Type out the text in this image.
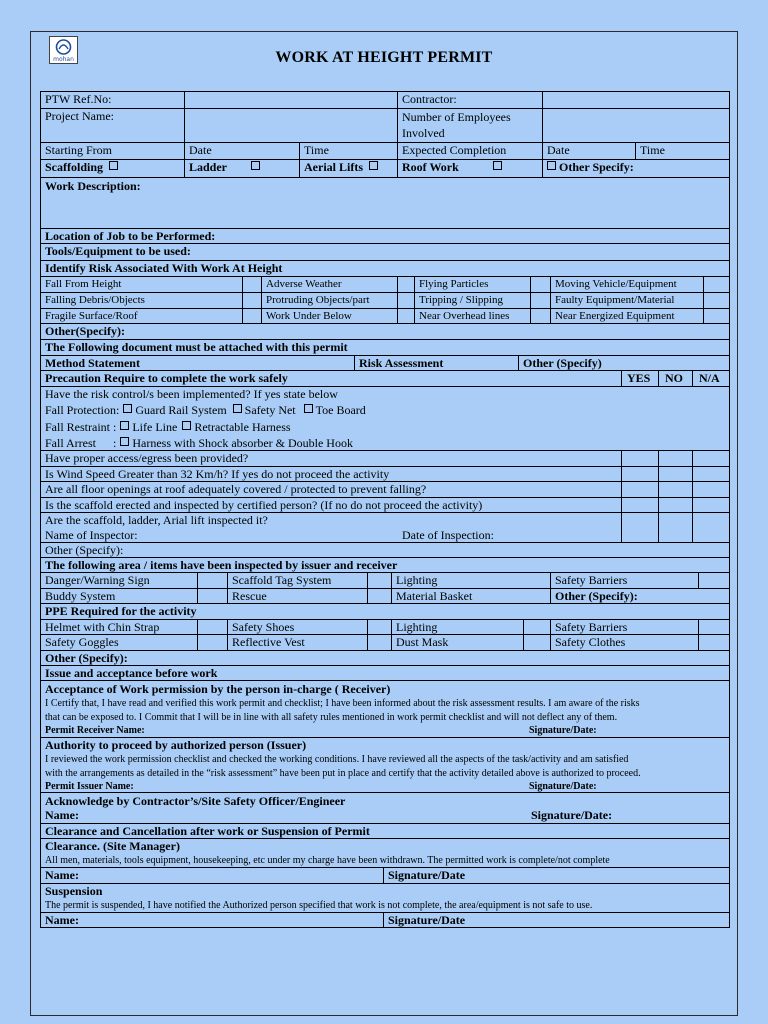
mohan	WORK AT HEIGHT PERMIT
PTW Ref.No:	Contractor:
Project Name:	Number of Employees Involved
Starting From	Date	Time	Expected Completion	Date	Time
Scaffolding	Ladder	Aerial Lifts	Roof Work	Other Specify:
Work Description:
Location of Job to be Performed:
Tools/Equipment to be used:
Identify Risk Associated With Work At Height
Fall From Height	Adverse Weather	Flying Particles	Moving Vehicle/Equipment
Falling Debris/Objects	Protruding Objects/part	Tripping / Slipping	Faulty Equipment/Material
Fragile Surface/Roof	Work Under Below	Near Overhead lines	Near Energized Equipment
Other(Specify):
The Following document must be attached with this permit
Method Statement	Risk Assessment	Other (Specify)
Precaution Require to complete the work safely	YES	NO	N/A
Have the risk control/s been implemented? If yes state below
Fall Protection: Guard Rail System Safety Net Toe Board
Fall Restraint : Life Line Retractable Harness
Fall Arrest : Harness with Shock absorber & Double Hook
Have proper access/egress been provided?
Is Wind Speed Greater than 32 Km/h? If yes do not proceed the activity
Are all floor openings at roof adequately covered / protected to prevent falling?
Is the scaffold erected and inspected by certified person? (If no do not proceed the activity)
Are the scaffold, ladder, Arial lift inspected it?
Name of Inspector:	Date of Inspection:
Other (Specify):
The following area / items have been inspected by issuer and receiver
Danger/Warning Sign	Scaffold Tag System	Lighting	Safety Barriers
Buddy System	Rescue	Material Basket	Other (Specify):
PPE Required for the activity
Helmet with Chin Strap	Safety Shoes	Lighting	Safety Barriers
Safety Goggles	Reflective Vest	Dust Mask	Safety Clothes
Other (Specify):
Issue and acceptance before work
Acceptance of Work permission by the person in-charge ( Receiver)
I Certify that, I have read and verified this work permit and checklist; I have been informed about the risk assessment results. I am aware of the risks
that can be exposed to. I Commit that I will be in line with all safety rules mentioned in work permit checklist and will not deflect any of them.
Permit Receiver Name:	Signature/Date:
Authority to proceed by authorized person (Issuer)
I reviewed the work permission checklist and checked the working conditions. I have reviewed all the aspects of the task/activity and am satisfied
with the arrangements as detailed in the “risk assessment” have been put in place and certify that the activity detailed above is authorized to proceed.
Permit Issuer Name:	Signature/Date:
Acknowledge by Contractor’s/Site Safety Officer/Engineer
Name:	Signature/Date:
Clearance and Cancellation after work or Suspension of Permit
Clearance. (Site Manager)
All men, materials, tools equipment, housekeeping, etc under my charge have been withdrawn. The permitted work is complete/not complete
Name:	Signature/Date
Suspension
The permit is suspended, I have notified the Authorized person specified that work is not complete, the area/equipment is not safe to use.
Name:	Signature/Date
